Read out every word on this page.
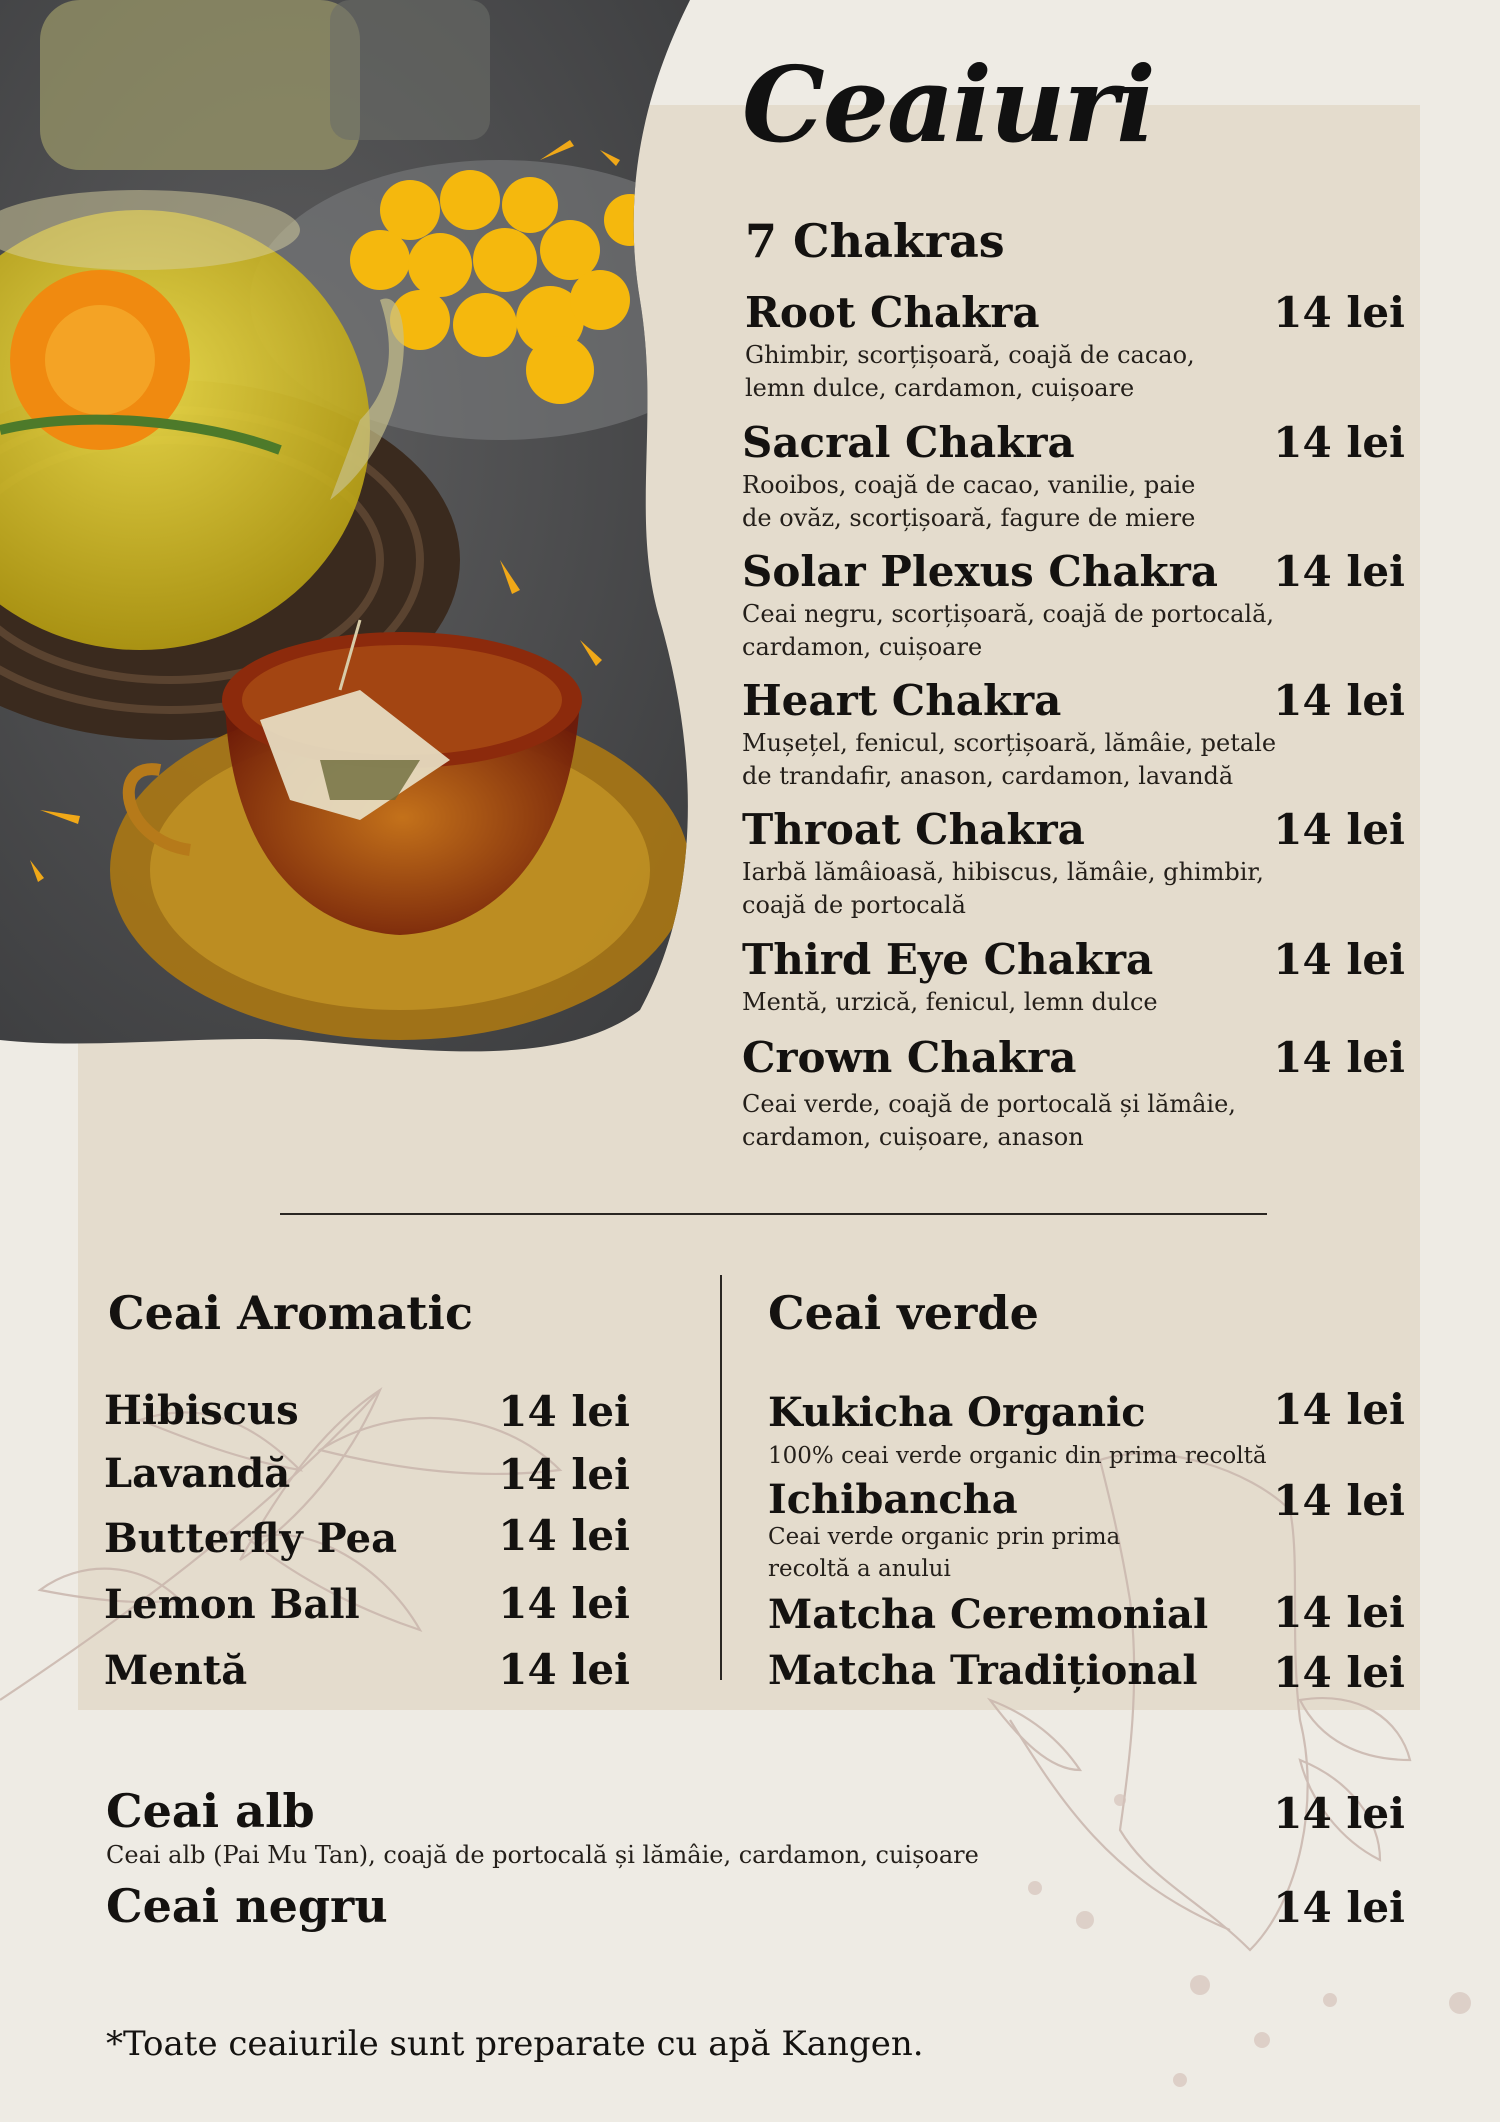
Ceaiuri
7 Chakras
Root Chakra	14 lei
Ghimbir, scorțișoară, coajă de cacao,
lemn dulce, cardamon, cuișoare
Sacral Chakra	14 lei
Rooibos, coajă de cacao, vanilie, paie
de ovăz, scorțișoară, fagure de miere
Solar Plexus Chakra	14 lei
Ceai negru, scorțișoară, coajă de portocală,
cardamon, cuișoare
Heart Chakra	14 lei
Mușețel, fenicul, scorțișoară, lămâie, petale
de trandafir, anason, cardamon, lavandă
Throat Chakra	14 lei
Iarbă lămâioasă, hibiscus, lămâie, ghimbir,
coajă de portocală
Third Eye Chakra	14 lei
Mentă, urzică, fenicul, lemn dulce
Crown Chakra	14 lei
Ceai verde, coajă de portocală și lămâie,
cardamon, cuișoare, anason
Ceai Aromatic
Hibiscus	14 lei
Lavandă	14 lei
Butterfly Pea	14 lei
Lemon Ball	14 lei
Mentă	14 lei
Ceai verde
Kukicha Organic	14 lei
100% ceai verde organic din prima recoltă
Ichibancha	14 lei
Ceai verde organic prin prima
recoltă a anului
Matcha Ceremonial	14 lei
Matcha Tradițional	14 lei
Ceai alb	14 lei
Ceai alb (Pai Mu Tan), coajă de portocală și lămâie, cardamon, cuișoare
Ceai negru	14 lei
*Toate ceaiurile sunt preparate cu apă Kangen.
